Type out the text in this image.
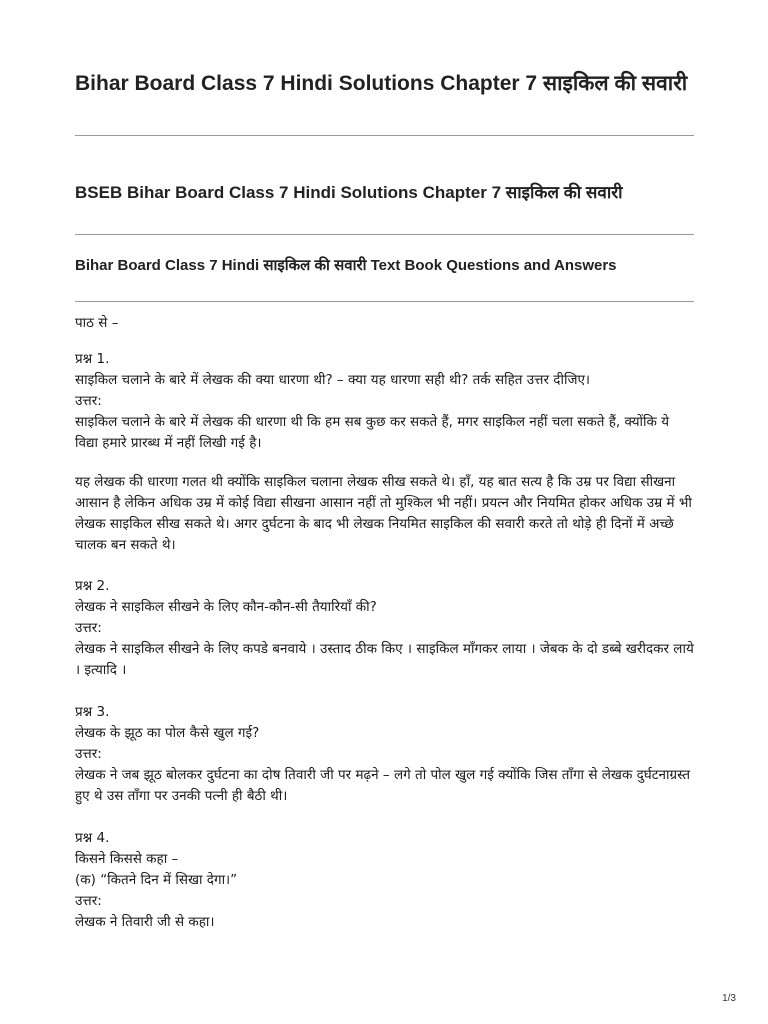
Bihar Board Class 7 Hindi Solutions Chapter 7 साइकिल की सवारी
BSEB Bihar Board Class 7 Hindi Solutions Chapter 7 साइकिल की सवारी
Bihar Board Class 7 Hindi साइकिल की सवारी Text Book Questions and Answers

पाठ से –

प्रश्न 1.

साइकिल चलाने के बारे में लेखक की क्या धारणा थी? – क्या यह धारणा सही थी? तर्क सहित उत्तर दीजिए।

उत्तर:

साइकिल चलाने के बारे में लेखक की धारणा थी कि हम सब कुछ कर सकते हैं, मगर साइकिल नहीं चला सकते हैं, क्योंकि ये विद्या हमारे प्रारब्ध में नहीं लिखी गई है।

यह लेखक की धारणा गलत थी क्योंकि साइकिल चलाना लेखक सीख सकते थे। हाँ, यह बात सत्य है कि उम्र पर विद्या सीखना आसान है लेकिन अधिक उम्र में कोई विद्या सीखना आसान नहीं तो मुश्किल भी नहीं। प्रयत्न और नियमित होकर अधिक उम्र में भी लेखक साइकिल सीख सकते थे। अगर दुर्घटना के बाद भी लेखक नियमित साइकिल की सवारी करते तो थोड़े ही दिनों में अच्छे चालक बन सकते थे।

प्रश्न 2.

लेखक ने साइकिल सीखने के लिए कौन-कौन-सी तैयारियाँ की?

उत्तर:

लेखक ने साइकिल सीखने के लिए कपडे बनवाये । उस्ताद ठीक किए । साइकिल माँगकर लाया । जेबक के दो डब्बे खरीदकर लाये । इत्यादि ।

प्रश्न 3.

लेखक के झूठ का पोल कैसे खुल गई?

उत्तर:

लेखक ने जब झूठ बोलकर दुर्घटना का दोष तिवारी जी पर मढ़ने – लगे तो पोल खुल गई क्योंकि जिस ताँगा से लेखक दुर्घटनाग्रस्त हुए थे उस ताँगा पर उनकी पत्नी ही बैठी थी।

प्रश्न 4.

किसने किससे कहा –

(क) “कितने दिन में सिखा देगा।”

उत्तर:

लेखक ने तिवारी जी से कहा।

1/3
